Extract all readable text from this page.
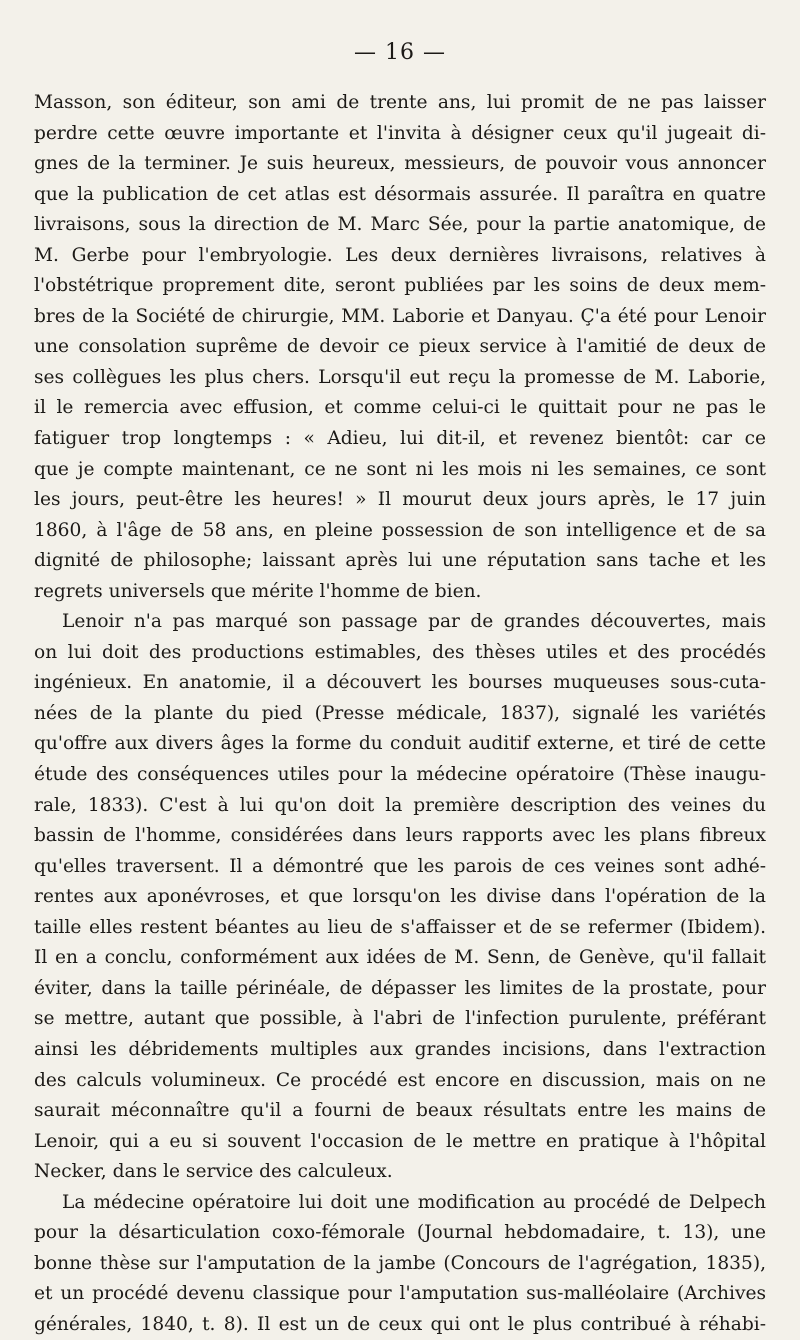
— 16 —
Masson, son éditeur, son ami de trente ans, lui promit de ne pas laisser
perdre cette œuvre importante et l'invita à désigner ceux qu'il jugeait di-
gnes de la terminer. Je suis heureux, messieurs, de pouvoir vous annoncer
que la publication de cet atlas est désormais assurée. Il paraîtra en quatre
livraisons, sous la direction de M. Marc Sée, pour la partie anatomique, de
M. Gerbe pour l'embryologie. Les deux dernières livraisons, relatives à
l'obstétrique proprement dite, seront publiées par les soins de deux mem-
bres de la Société de chirurgie, MM. Laborie et Danyau. Ç'a été pour Lenoir
une consolation suprême de devoir ce pieux service à l'amitié de deux de
ses collègues les plus chers. Lorsqu'il eut reçu la promesse de M. Laborie,
il le remercia avec effusion, et comme celui-ci le quittait pour ne pas le
fatiguer trop longtemps : « Adieu, lui dit-il, et revenez bientôt: car ce
que je compte maintenant, ce ne sont ni les mois ni les semaines, ce sont
les jours, peut-être les heures! » Il mourut deux jours après, le 17 juin
1860, à l'âge de 58 ans, en pleine possession de son intelligence et de sa
dignité de philosophe; laissant après lui une réputation sans tache et les
regrets universels que mérite l'homme de bien.
Lenoir n'a pas marqué son passage par de grandes découvertes, mais
on lui doit des productions estimables, des thèses utiles et des procédés
ingénieux. En anatomie, il a découvert les bourses muqueuses sous-cuta-
nées de la plante du pied (Presse médicale, 1837), signalé les variétés
qu'offre aux divers âges la forme du conduit auditif externe, et tiré de cette
étude des conséquences utiles pour la médecine opératoire (Thèse inaugu-
rale, 1833). C'est à lui qu'on doit la première description des veines du
bassin de l'homme, considérées dans leurs rapports avec les plans fibreux
qu'elles traversent. Il a démontré que les parois de ces veines sont adhé-
rentes aux aponévroses, et que lorsqu'on les divise dans l'opération de la
taille elles restent béantes au lieu de s'affaisser et de se refermer (Ibidem).
Il en a conclu, conformément aux idées de M. Senn, de Genève, qu'il fallait
éviter, dans la taille périnéale, de dépasser les limites de la prostate, pour
se mettre, autant que possible, à l'abri de l'infection purulente, préférant
ainsi les débridements multiples aux grandes incisions, dans l'extraction
des calculs volumineux. Ce procédé est encore en discussion, mais on ne
saurait méconnaître qu'il a fourni de beaux résultats entre les mains de
Lenoir, qui a eu si souvent l'occasion de le mettre en pratique à l'hôpital
Necker, dans le service des calculeux.
La médecine opératoire lui doit une modification au procédé de Delpech
pour la désarticulation coxo-fémorale (Journal hebdomadaire, t. 13), une
bonne thèse sur l'amputation de la jambe (Concours de l'agrégation, 1835),
et un procédé devenu classique pour l'amputation sus-malléolaire (Archives
générales, 1840, t. 8). Il est un de ceux qui ont le plus contribué à réhabi-
